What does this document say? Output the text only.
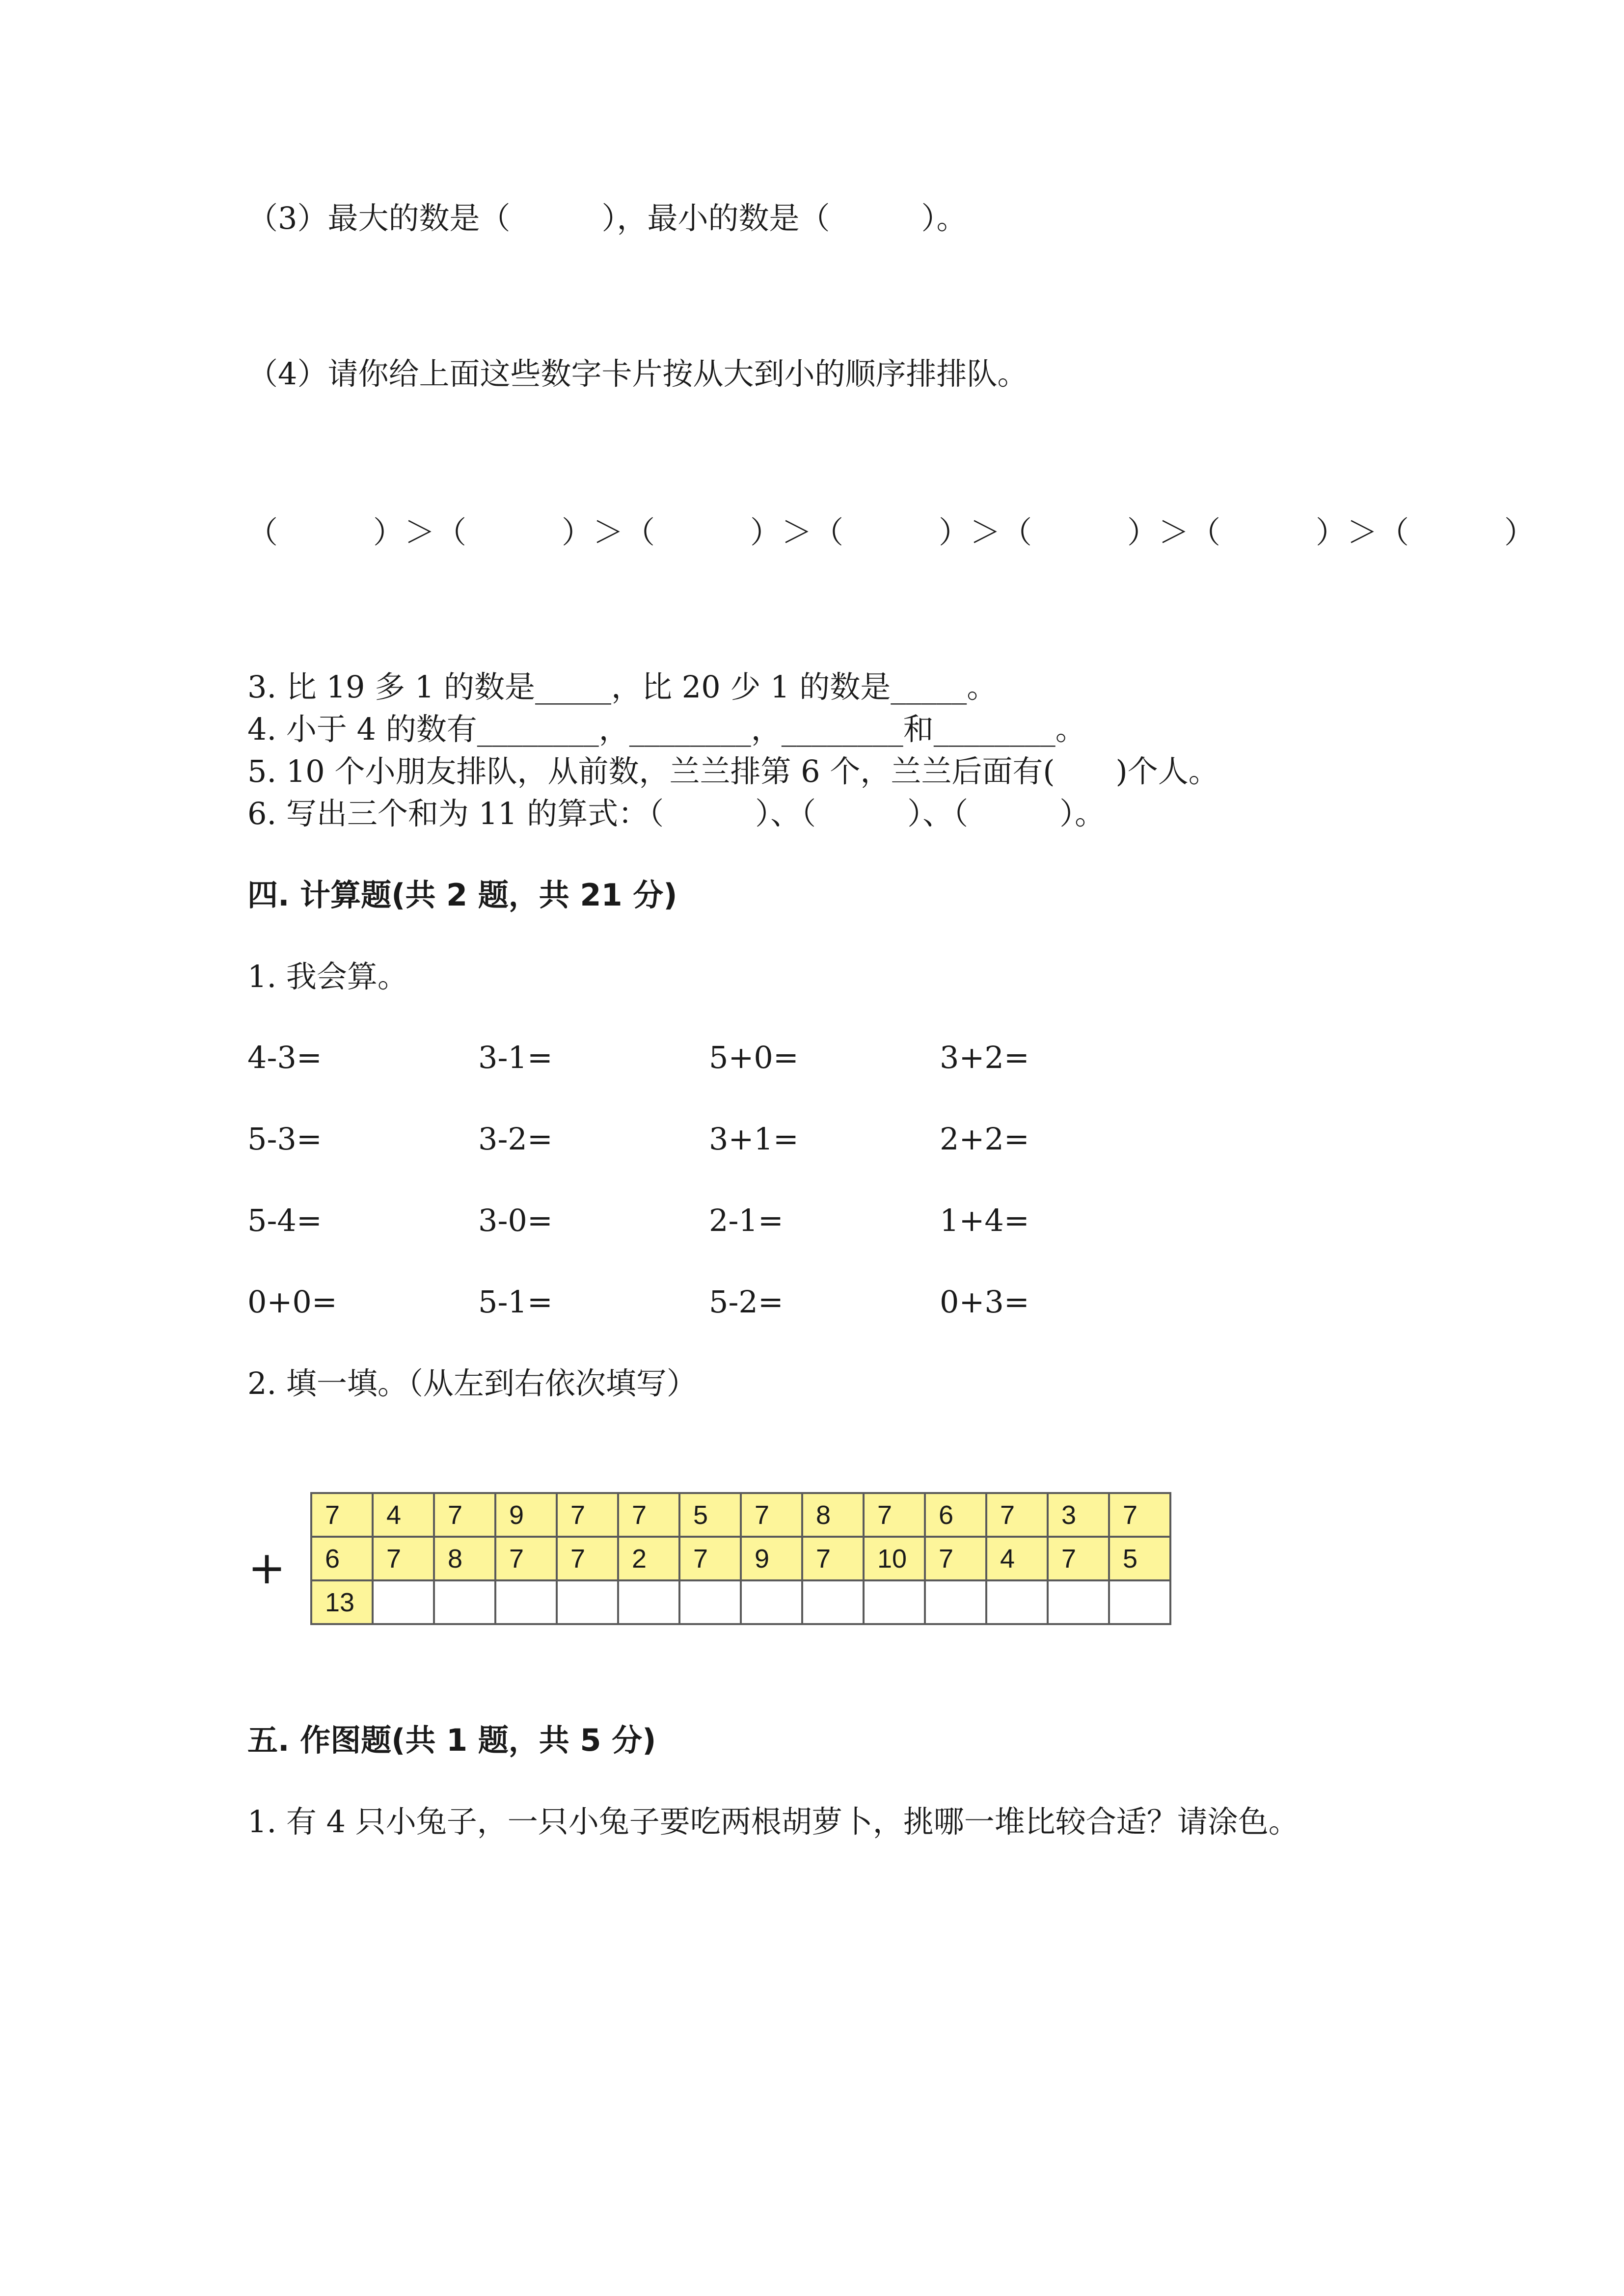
（3）最大的数是（　　　），最小的数是（　　　）。
（4）请你给上面这些数字卡片按从大到小的顺序排排队。
（　　　）＞（　　　）＞（　　　）＞（　　　）＞（　　　）＞（　　　）＞（　　　）
3. 比 19 多 1 的数是_____，比 20 少 1 的数是_____。
4. 小于 4 的数有________，________，________和________。
5. 10 个小朋友排队，从前数，兰兰排第 6 个，兰兰后面有(　　)个人。
6. 写出三个和为 11 的算式：（　　　）、（　　　）、（　　　）。
四. 计算题(共 2 题，共 21 分)
1. 我会算。
4-3=	3-1=	5+0=	3+2=
5-3=	3-2=	3+1=	2+2=
5-4=	3-0=	2-1=	1+4=
0+0=	5-1=	5-2=	0+3=
2. 填一填。（从左到右依次填写）
+
7	4	7	9	7	7	5	7	8	7	6	7	3	7
6	7	8	7	7	2	7	9	7	10	7	4	7	5
13													
五. 作图题(共 1 题，共 5 分)
1. 有 4 只小兔子，一只小兔子要吃两根胡萝卜，挑哪一堆比较合适？请涂色。
